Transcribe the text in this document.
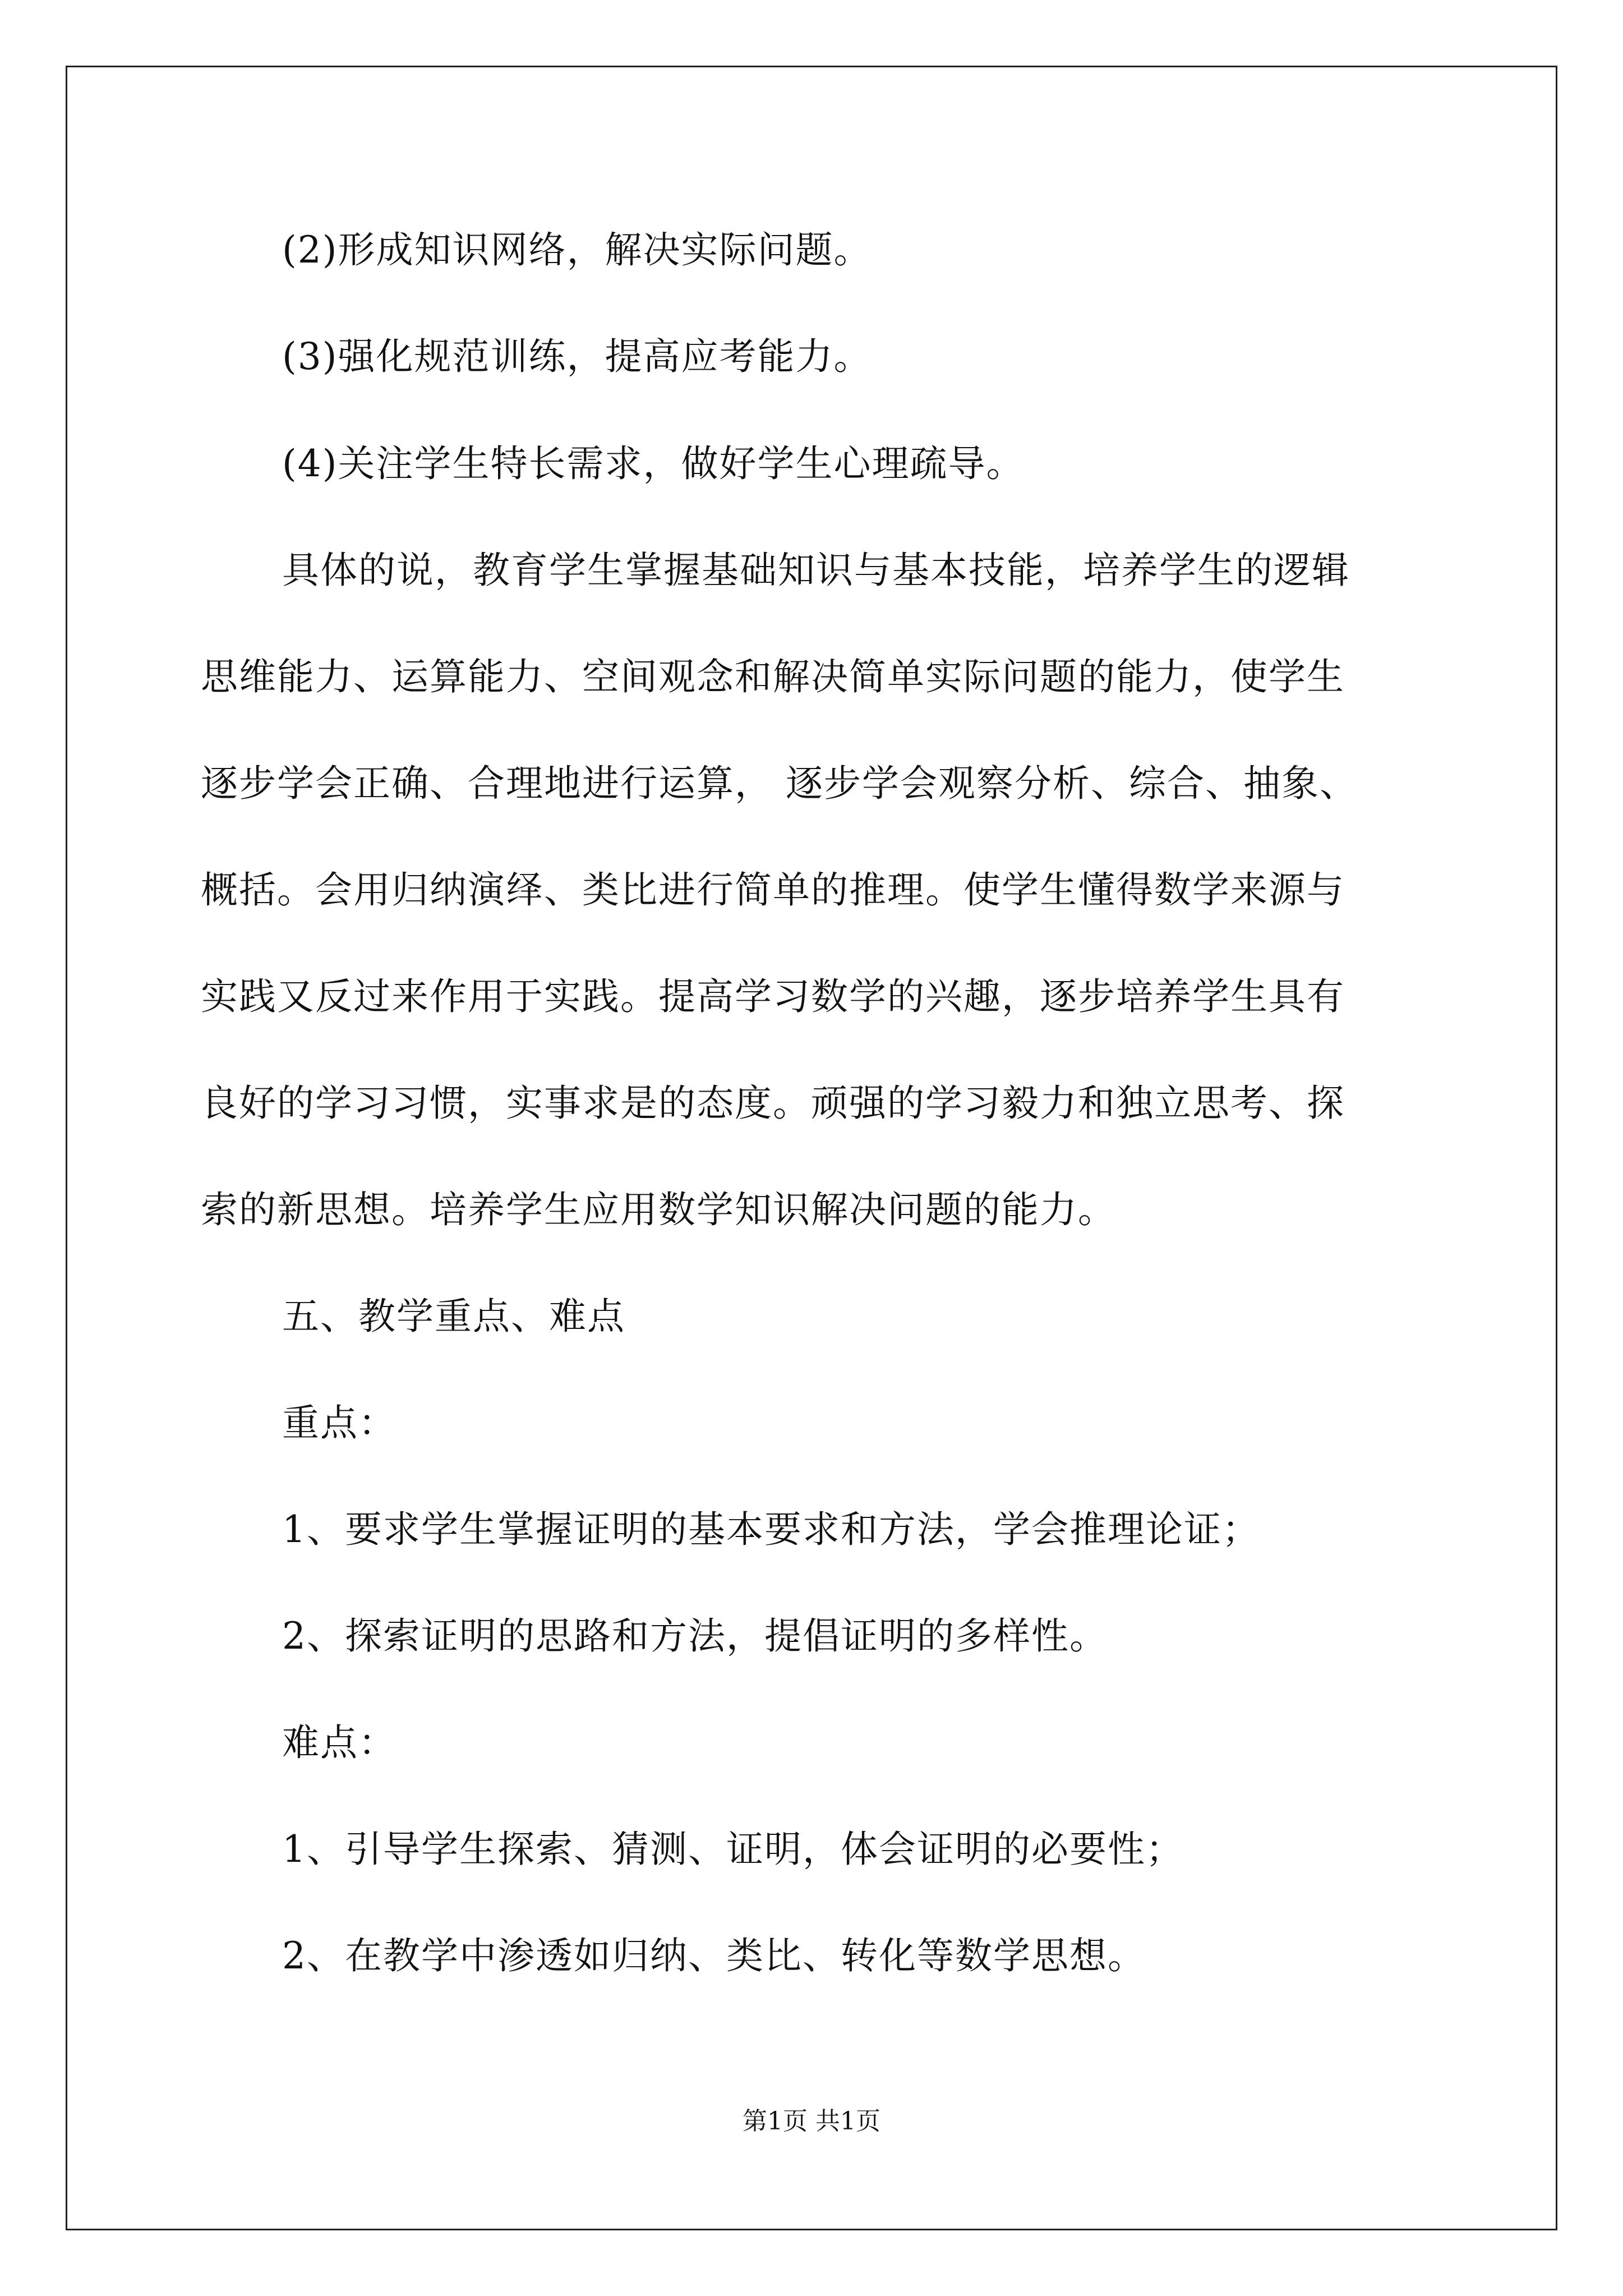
(2)形成知识网络，解决实际问题。
(3)强化规范训练，提高应考能力。
(4)关注学生特长需求，做好学生心理疏导。
具体的说，教育学生掌握基础知识与基本技能，培养学生的逻辑
思维能力、运算能力、空间观念和解决简单实际问题的能力，使学生
逐步学会正确、合理地进行运算， 逐步学会观察分析、综合、抽象、
概括。会用归纳演绎、类比进行简单的推理。使学生懂得数学来源与
实践又反过来作用于实践。提高学习数学的兴趣，逐步培养学生具有
良好的学习习惯，实事求是的态度。顽强的学习毅力和独立思考、探
索的新思想。培养学生应用数学知识解决问题的能力。
五、教学重点、难点
重点：
1、要求学生掌握证明的基本要求和方法，学会推理论证；
2、探索证明的思路和方法，提倡证明的多样性。
难点：
1、引导学生探索、猜测、证明，体会证明的必要性；
2、在教学中渗透如归纳、类比、转化等数学思想。
第1页 共1页
